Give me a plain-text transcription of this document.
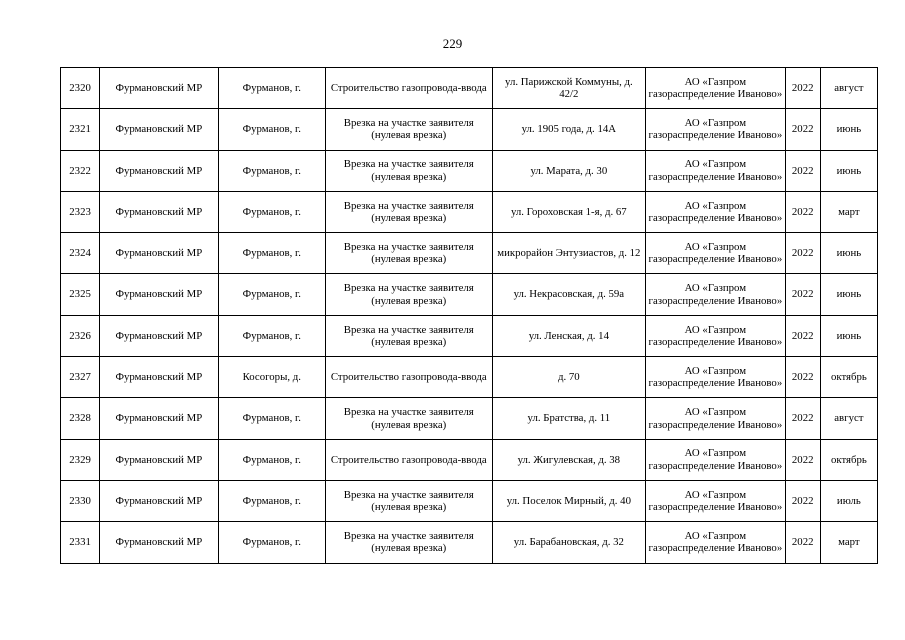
229
2320	Фурмановский МР	Фурманов, г.	Строительство газопровода-ввода	ул. Парижской Коммуны, д. 42/2	АО «Газпром газораспределение Иваново»	2022	август
2321	Фурмановский МР	Фурманов, г.	Врезка на участке заявителя (нулевая врезка)	ул. 1905 года, д. 14А	АО «Газпром газораспределение Иваново»	2022	июнь
2322	Фурмановский МР	Фурманов, г.	Врезка на участке заявителя (нулевая врезка)	ул. Марата, д. 30	АО «Газпром газораспределение Иваново»	2022	июнь
2323	Фурмановский МР	Фурманов, г.	Врезка на участке заявителя (нулевая врезка)	ул. Гороховская 1-я, д. 67	АО «Газпром газораспределение Иваново»	2022	март
2324	Фурмановский МР	Фурманов, г.	Врезка на участке заявителя (нулевая врезка)	микрорайон Энтузиастов, д. 12	АО «Газпром газораспределение Иваново»	2022	июнь
2325	Фурмановский МР	Фурманов, г.	Врезка на участке заявителя (нулевая врезка)	ул. Некрасовская, д. 59а	АО «Газпром газораспределение Иваново»	2022	июнь
2326	Фурмановский МР	Фурманов, г.	Врезка на участке заявителя (нулевая врезка)	ул. Ленская, д. 14	АО «Газпром газораспределение Иваново»	2022	июнь
2327	Фурмановский МР	Косогоры, д.	Строительство газопровода-ввода	д. 70	АО «Газпром газораспределение Иваново»	2022	октябрь
2328	Фурмановский МР	Фурманов, г.	Врезка на участке заявителя (нулевая врезка)	ул. Братства, д. 11	АО «Газпром газораспределение Иваново»	2022	август
2329	Фурмановский МР	Фурманов, г.	Строительство газопровода-ввода	ул. Жигулевская, д. 38	АО «Газпром газораспределение Иваново»	2022	октябрь
2330	Фурмановский МР	Фурманов, г.	Врезка на участке заявителя (нулевая врезка)	ул. Поселок Мирный, д. 40	АО «Газпром газораспределение Иваново»	2022	июль
2331	Фурмановский МР	Фурманов, г.	Врезка на участке заявителя (нулевая врезка)	ул. Барабановская, д. 32	АО «Газпром газораспределение Иваново»	2022	март
